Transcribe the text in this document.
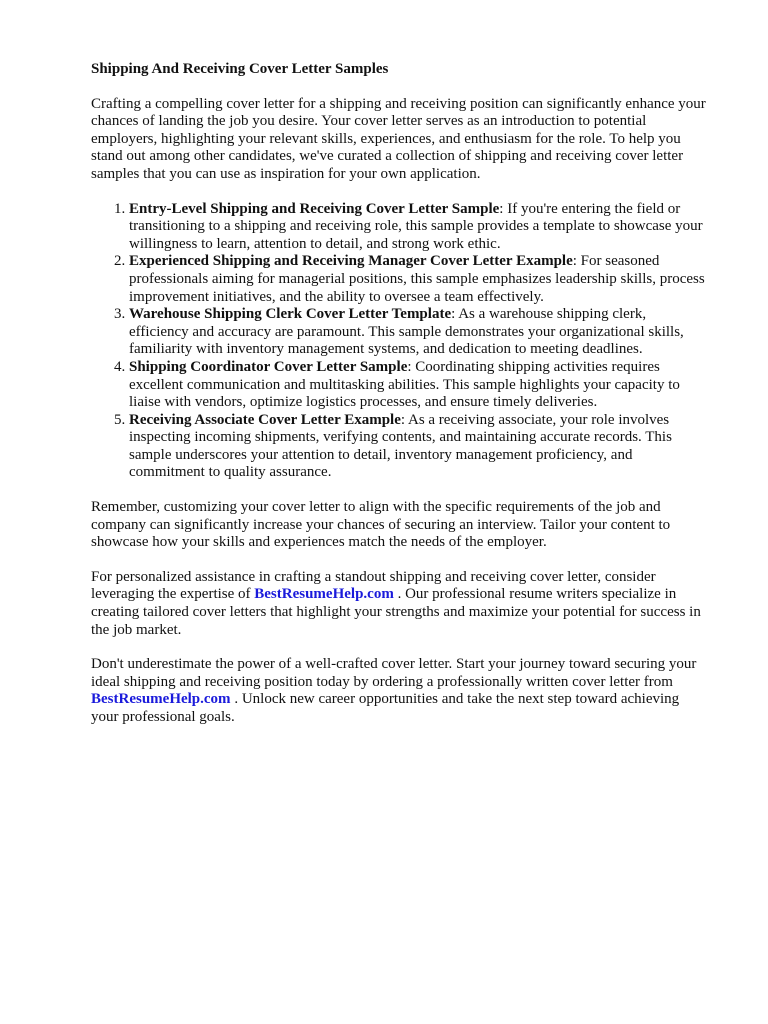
Shipping And Receiving Cover Letter Samples

Crafting a compelling cover letter for a shipping and receiving position can significantly enhance your chances of landing the job you desire. Your cover letter serves as an introduction to potential employers, highlighting your relevant skills, experiences, and enthusiasm for the role. To help you stand out among other candidates, we've curated a collection of shipping and receiving cover letter samples that you can use as inspiration for your own application.

1. Entry-Level Shipping and Receiving Cover Letter Sample: If you're entering the field or transitioning to a shipping and receiving role, this sample provides a template to showcase your willingness to learn, attention to detail, and strong work ethic.
2. Experienced Shipping and Receiving Manager Cover Letter Example: For seasoned professionals aiming for managerial positions, this sample emphasizes leadership skills, process improvement initiatives, and the ability to oversee a team effectively.
3. Warehouse Shipping Clerk Cover Letter Template: As a warehouse shipping clerk, efficiency and accuracy are paramount. This sample demonstrates your organizational skills, familiarity with inventory management systems, and dedication to meeting deadlines.
4. Shipping Coordinator Cover Letter Sample: Coordinating shipping activities requires excellent communication and multitasking abilities. This sample highlights your capacity to liaise with vendors, optimize logistics processes, and ensure timely deliveries.
5. Receiving Associate Cover Letter Example: As a receiving associate, your role involves inspecting incoming shipments, verifying contents, and maintaining accurate records. This sample underscores your attention to detail, inventory management proficiency, and commitment to quality assurance.

Remember, customizing your cover letter to align with the specific requirements of the job and company can significantly increase your chances of securing an interview. Tailor your content to showcase how your skills and experiences match the needs of the employer.

For personalized assistance in crafting a standout shipping and receiving cover letter, consider leveraging the expertise of BestResumeHelp.com . Our professional resume writers specialize in creating tailored cover letters that highlight your strengths and maximize your potential for success in the job market.

Don't underestimate the power of a well-crafted cover letter. Start your journey toward securing your ideal shipping and receiving position today by ordering a professionally written cover letter from BestResumeHelp.com . Unlock new career opportunities and take the next step toward achieving your professional goals.
